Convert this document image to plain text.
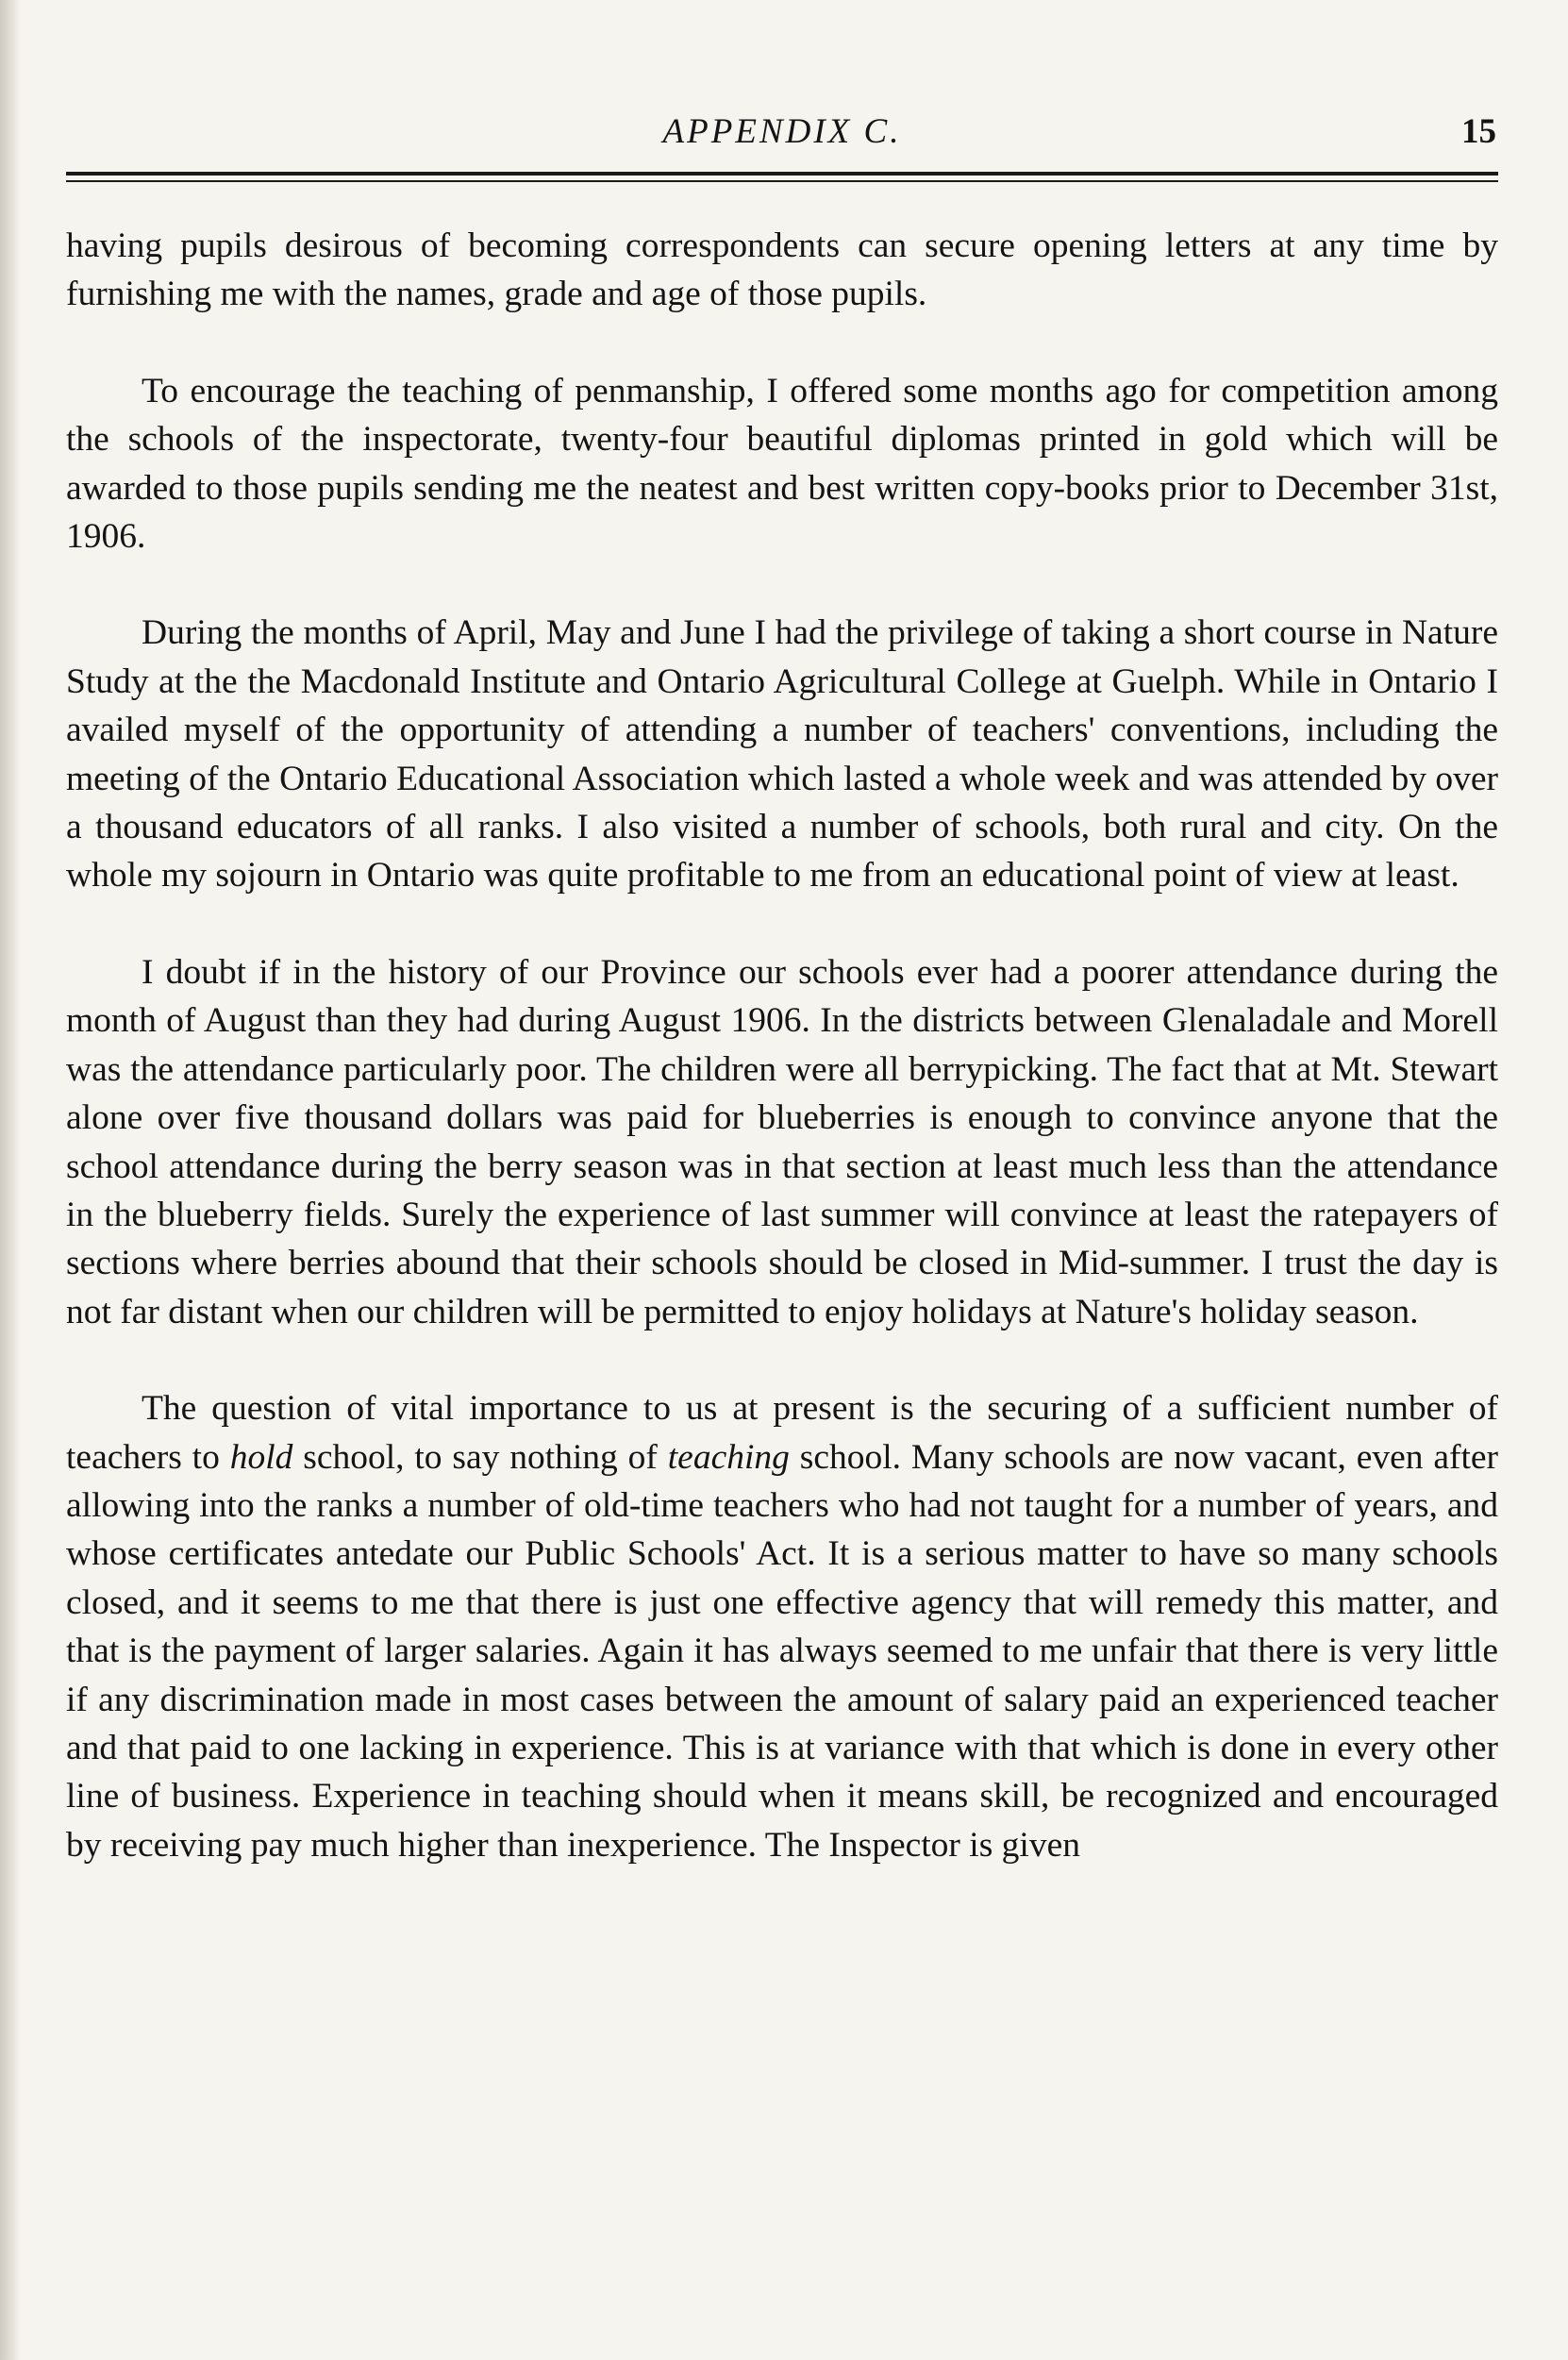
APPENDIX C.	15

having pupils desirous of becoming correspondents can secure opening letters at any time by furnishing me with the names, grade and age of those pupils.

To encourage the teaching of penmanship, I offered some months ago for competition among the schools of the inspectorate, twenty-four beautiful diplomas printed in gold which will be awarded to those pupils sending me the neatest and best written copy-books prior to December 31st, 1906.

During the months of April, May and June I had the privilege of taking a short course in Nature Study at the the Macdonald Institute and Ontario Agricultural College at Guelph. While in Ontario I availed myself of the opportunity of attending a number of teachers' conventions, including the meeting of the Ontario Educational Association which lasted a whole week and was attended by over a thousand educators of all ranks. I also visited a number of schools, both rural and city. On the whole my sojourn in Ontario was quite profitable to me from an educational point of view at least.

I doubt if in the history of our Province our schools ever had a poorer attendance during the month of August than they had during August 1906. In the districts between Glenaladale and Morell was the attendance particularly poor. The children were all berrypicking. The fact that at Mt. Stewart alone over five thousand dollars was paid for blueberries is enough to convince anyone that the school attendance during the berry season was in that section at least much less than the attendance in the blueberry fields. Surely the experience of last summer will convince at least the ratepayers of sections where berries abound that their schools should be closed in Mid-summer. I trust the day is not far distant when our children will be permitted to enjoy holidays at Nature's holiday season.

The question of vital importance to us at present is the securing of a sufficient number of teachers to hold school, to say nothing of teaching school. Many schools are now vacant, even after allowing into the ranks a number of old-time teachers who had not taught for a number of years, and whose certificates antedate our Public Schools' Act. It is a serious matter to have so many schools closed, and it seems to me that there is just one effective agency that will remedy this matter, and that is the payment of larger salaries. Again it has always seemed to me unfair that there is very little if any discrimination made in most cases between the amount of salary paid an experienced teacher and that paid to one lacking in experience. This is at variance with that which is done in every other line of business. Experience in teaching should when it means skill, be recognized and encouraged by receiving pay much higher than inexperience. The Inspector is given
